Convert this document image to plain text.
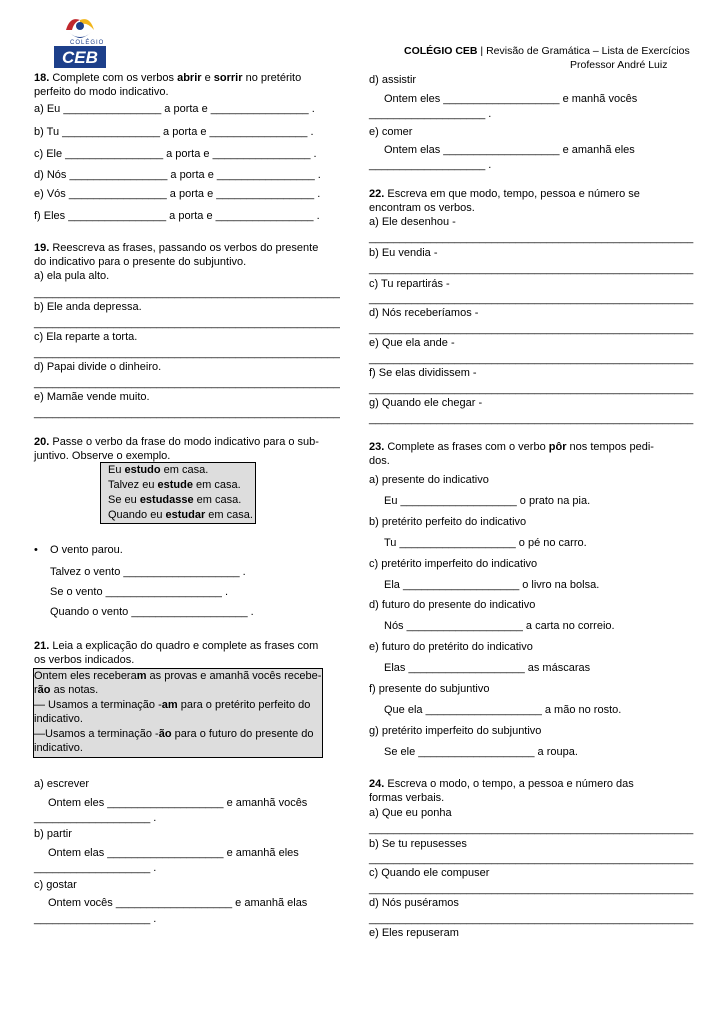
COLÉGIO
CEB	COLÉGIO CEB | Revisão de Gramática – Lista de Exercícios
Professor André Luiz
18. Complete com os verbos abrir e sorrir no pretérito
perfeito do modo indicativo.
a) Eu ________________ a porta e ________________ .
b) Tu ________________ a porta e ________________ .
c) Ele ________________ a porta e ________________ .
d) Nós ________________ a porta e ________________ .
e) Vós ________________ a porta e ________________ .
f) Eles ________________ a porta e ________________ .
19. Reescreva as frases, passando os verbos do presente
do indicativo para o presente do subjuntivo.
a) ela pula alto.
__________________________________________________
b) Ele anda depressa.
__________________________________________________
c) Ela reparte a torta.
__________________________________________________
d) Papai divide o dinheiro.
__________________________________________________
e) Mamãe vende muito.
__________________________________________________
20. Passe o verbo da frase do modo indicativo para o sub-
juntivo. Observe o exemplo.
Eu estudo em casa.
Talvez eu estude em casa.
Se eu estudasse em casa.
Quando eu estudar em casa.
• O vento parou.
Talvez o vento ___________________ .
Se o vento ___________________ .
Quando o vento ___________________ .
21. Leia a explicação do quadro e complete as frases com
os verbos indicados.
Ontem eles receberam as provas e amanhã vocês recebe-
rão as notas.
— Usamos a terminação -am para o pretérito perfeito do
indicativo.
—Usamos a terminação -ão para o futuro do presente do
indicativo.
a) escrever
Ontem eles ___________________ e amanhã vocês
___________________ .
b) partir
Ontem elas ___________________ e amanhã eles
___________________ .
c) gostar
Ontem vocês ___________________ e amanhã elas
___________________ .
d) assistir
Ontem eles ___________________ e manhã vocês
___________________ .
e) comer
Ontem elas ___________________ e amanhã eles
___________________ .
22. Escreva em que modo, tempo, pessoa e número se
encontram os verbos.
a) Ele desenhou -
_____________________________________________________
b) Eu vendia -
_____________________________________________________
c) Tu repartirás -
_____________________________________________________
d) Nós receberíamos -
_____________________________________________________
e) Que ela ande -
_____________________________________________________
f) Se elas dividissem -
_____________________________________________________
g) Quando ele chegar -
_____________________________________________________
23. Complete as frases com o verbo pôr nos tempos pedi-
dos.
a) presente do indicativo
Eu ___________________ o prato na pia.
b) pretérito perfeito do indicativo
Tu ___________________ o pé no carro.
c) pretérito imperfeito do indicativo
Ela ___________________ o livro na bolsa.
d) futuro do presente do indicativo
Nós ___________________ a carta no correio.
e) futuro do pretérito do indicativo
Elas ___________________ as máscaras
f) presente do subjuntivo
Que ela ___________________ a mão no rosto.
g) pretérito imperfeito do subjuntivo
Se ele ___________________ a roupa.
24. Escreva o modo, o tempo, a pessoa e número das
formas verbais.
a) Que eu ponha
_____________________________________________________
b) Se tu repusesses
_____________________________________________________
c) Quando ele compuser
_____________________________________________________
d) Nós puséramos
_____________________________________________________
e) Eles repuseram
